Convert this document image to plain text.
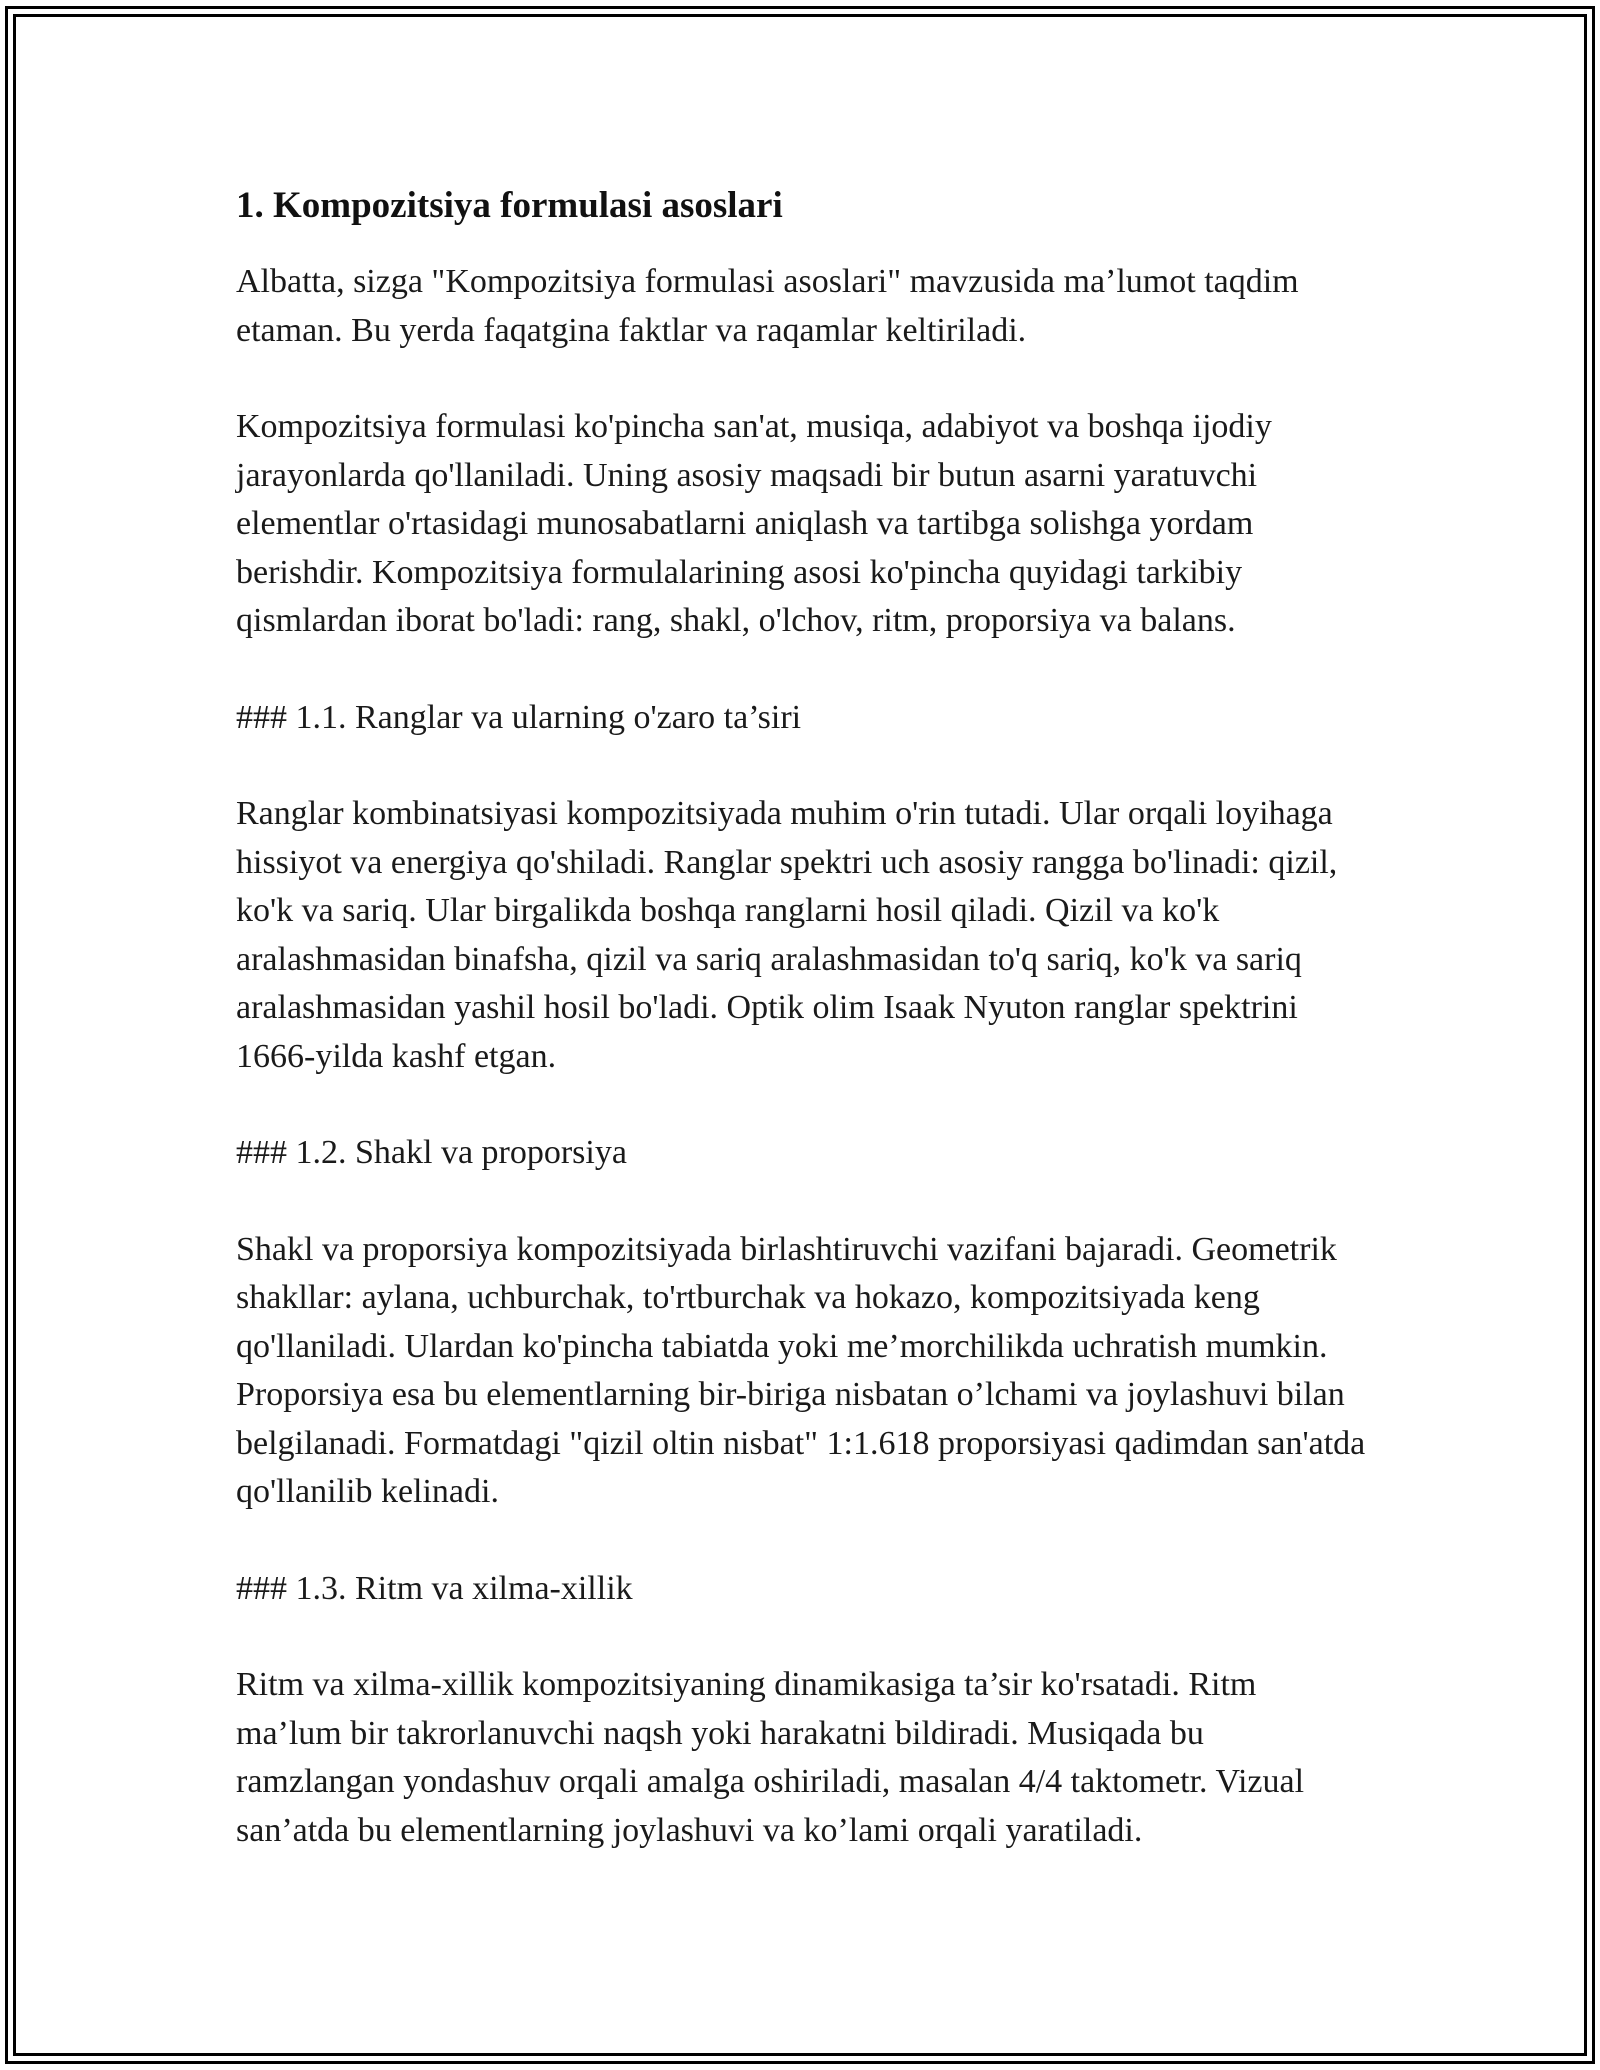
1. Kompozitsiya formulasi asoslari

Albatta, sizga "Kompozitsiya formulasi asoslari" mavzusida ma’lumot taqdim etaman. Bu yerda faqatgina faktlar va raqamlar keltiriladi.

Kompozitsiya formulasi ko'pincha san'at, musiqa, adabiyot va boshqa ijodiy jarayonlarda qo'llaniladi. Uning asosiy maqsadi bir butun asarni yaratuvchi elementlar o'rtasidagi munosabatlarni aniqlash va tartibga solishga yordam berishdir. Kompozitsiya formulalarining asosi ko'pincha quyidagi tarkibiy qismlardan iborat bo'ladi: rang, shakl, o'lchov, ritm, proporsiya va balans.

### 1.1. Ranglar va ularning o'zaro ta’siri

Ranglar kombinatsiyasi kompozitsiyada muhim o'rin tutadi. Ular orqali loyihaga hissiyot va energiya qo'shiladi. Ranglar spektri uch asosiy rangga bo'linadi: qizil, ko'k va sariq. Ular birgalikda boshqa ranglarni hosil qiladi. Qizil va ko'k aralashmasidan binafsha, qizil va sariq aralashmasidan to'q sariq, ko'k va sariq aralashmasidan yashil hosil bo'ladi. Optik olim Isaak Nyuton ranglar spektrini 1666-yilda kashf etgan.

### 1.2. Shakl va proporsiya

Shakl va proporsiya kompozitsiyada birlashtiruvchi vazifani bajaradi. Geometrik shakllar: aylana, uchburchak, to'rtburchak va hokazo, kompozitsiyada keng qo'llaniladi. Ulardan ko'pincha tabiatda yoki me’morchilikda uchratish mumkin. Proporsiya esa bu elementlarning bir-biriga nisbatan o’lchami va joylashuvi bilan belgilanadi. Formatdagi "qizil oltin nisbat" 1:1.618 proporsiyasi qadimdan san'atda qo'llanilib kelinadi.

### 1.3. Ritm va xilma-xillik

Ritm va xilma-xillik kompozitsiyaning dinamikasiga ta’sir ko'rsatadi. Ritm ma’lum bir takrorlanuvchi naqsh yoki harakatni bildiradi. Musiqada bu ramzlangan yondashuv orqali amalga oshiriladi, masalan 4/4 taktometr. Vizual san’atda bu elementlarning joylashuvi va ko’lami orqali yaratiladi.
